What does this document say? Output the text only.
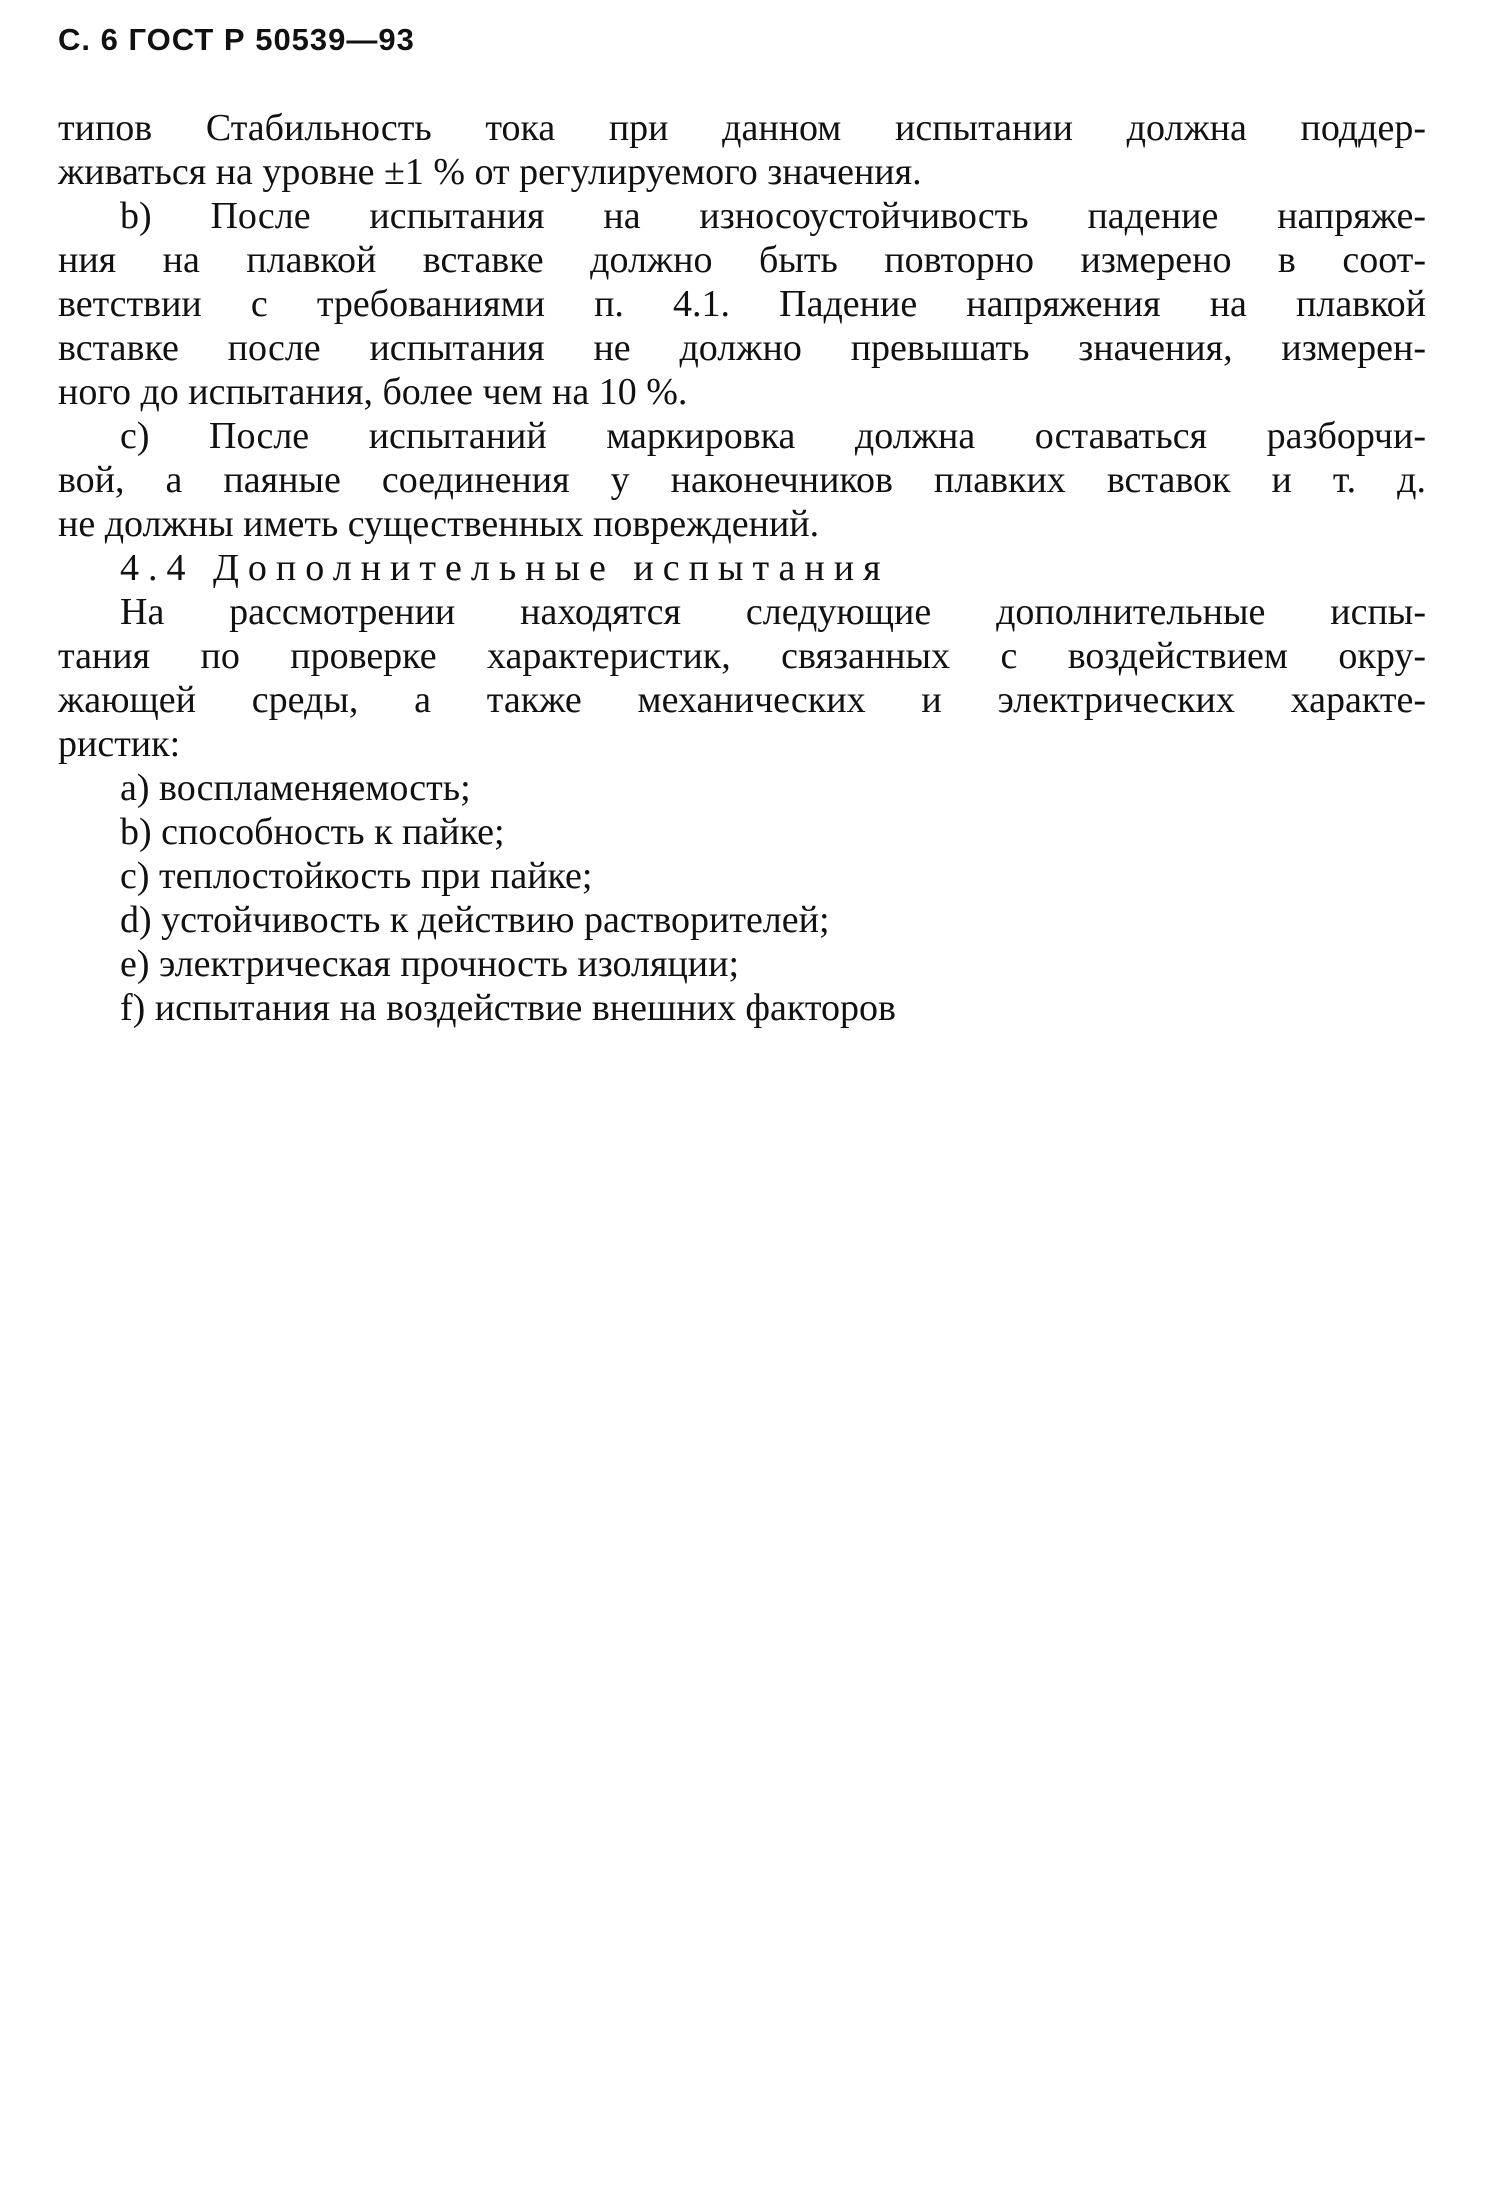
С. 6 ГОСТ Р 50539—93
типов Стабильность тока при данном испытании должна поддер-
живаться на уровне ±1 % от регулируемого значения.
b) После испытания на износоустойчивость падение напряже-
ния на плавкой вставке должно быть повторно измерено в соот-
ветствии с требованиями п. 4.1. Падение напряжения на плавкой
вставке после испытания не должно превышать значения, измерен-
ного до испытания, более чем на 10 %.
с) После испытаний маркировка должна оставаться разборчи-
вой, а паяные соединения у наконечников плавких вставок и т. д.
не должны иметь существенных повреждений.
4.4 Дополнительные испытания
На рассмотрении находятся следующие дополнительные испы-
тания по проверке характеристик, связанных с воздействием окру-
жающей среды, а также механических и электрических характе-
ристик:
а) воспламеняемость;
b) способность к пайке;
с) теплостойкость при пайке;
d) устойчивость к действию растворителей;
е) электрическая прочность изоляции;
f) испытания на воздействие внешних факторов
